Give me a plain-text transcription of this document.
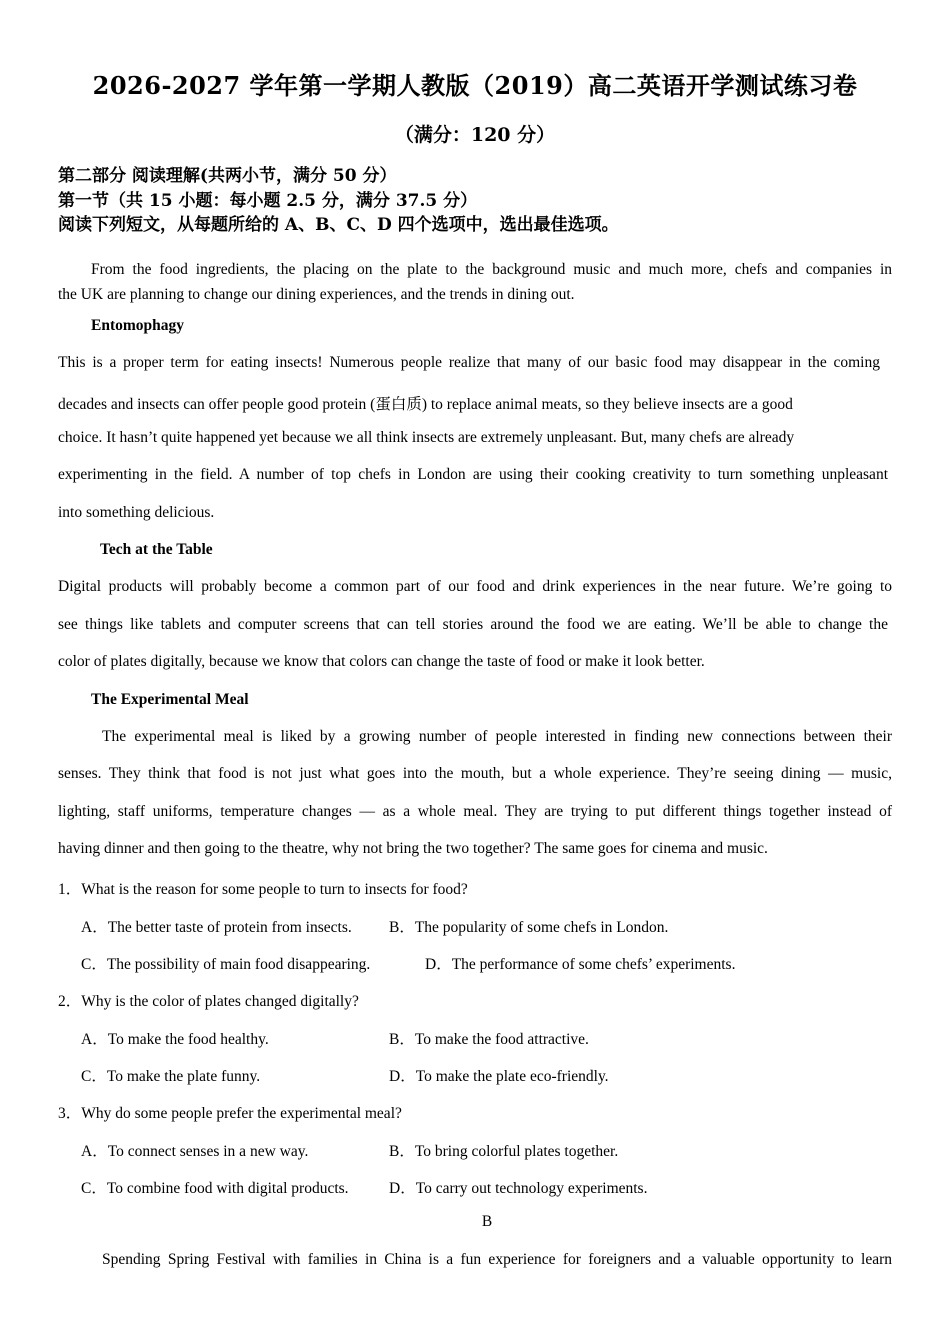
2026-2027 学年第一学期人教版（2019）高二英语开学测试练习卷
（满分：120 分）
第二部分 阅读理解(共两小节，满分 50 分）
第一节（共 15 小题：每小题 2.5 分，满分 37.5 分）
阅读下列短文，从每题所给的 A、B、C、D 四个选项中，选出最佳选项。
From the food ingredients, the placing on the plate to the background music and much more, chefs and companies in
the UK are planning to change our dining experiences, and the trends in dining out.
Entomophagy
This is a proper term for eating insects! Numerous people realize that many of our basic food may disappear in the coming
decades and insects can offer people good protein (蛋白质) to replace animal meats, so they believe insects are a good
choice. It hasn’t quite happened yet because we all think insects are extremely unpleasant. But, many chefs are already
experimenting in the field. A number of top chefs in London are using their cooking creativity to turn something unpleasant
into something delicious.
Tech at the Table
Digital products will probably become a common part of our food and drink experiences in the near future. We’re going to
see things like tablets and computer screens that can tell stories around the food we are eating. We’ll be able to change the
color of plates digitally, because we know that colors can change the taste of food or make it look better.
The Experimental Meal
The experimental meal is liked by a growing number of people interested in finding new connections between their
senses. They think that food is not just what goes into the mouth, but a whole experience. They’re seeing dining — music,
lighting, staff uniforms, temperature changes — as a whole meal. They are trying to put different things together instead of
having dinner and then going to the theatre, why not bring the two together? The same goes for cinema and music.
1．What is the reason for some people to turn to insects for food?
A．The better taste of protein from insects. B．The popularity of some chefs in London.
C．The possibility of main food disappearing.	D．The performance of some chefs’ experiments.
2．Why is the color of plates changed digitally?
A．To make the food healthy.	B．To make the food attractive.
C．To make the plate funny.	D．To make the plate eco-friendly.
3．Why do some people prefer the experimental meal?
A．To connect senses in a new way.	B．To bring colorful plates together.
C．To combine food with digital products.	D．To carry out technology experiments.
B
Spending Spring Festival with families in China is a fun experience for foreigners and a valuable opportunity to learn
